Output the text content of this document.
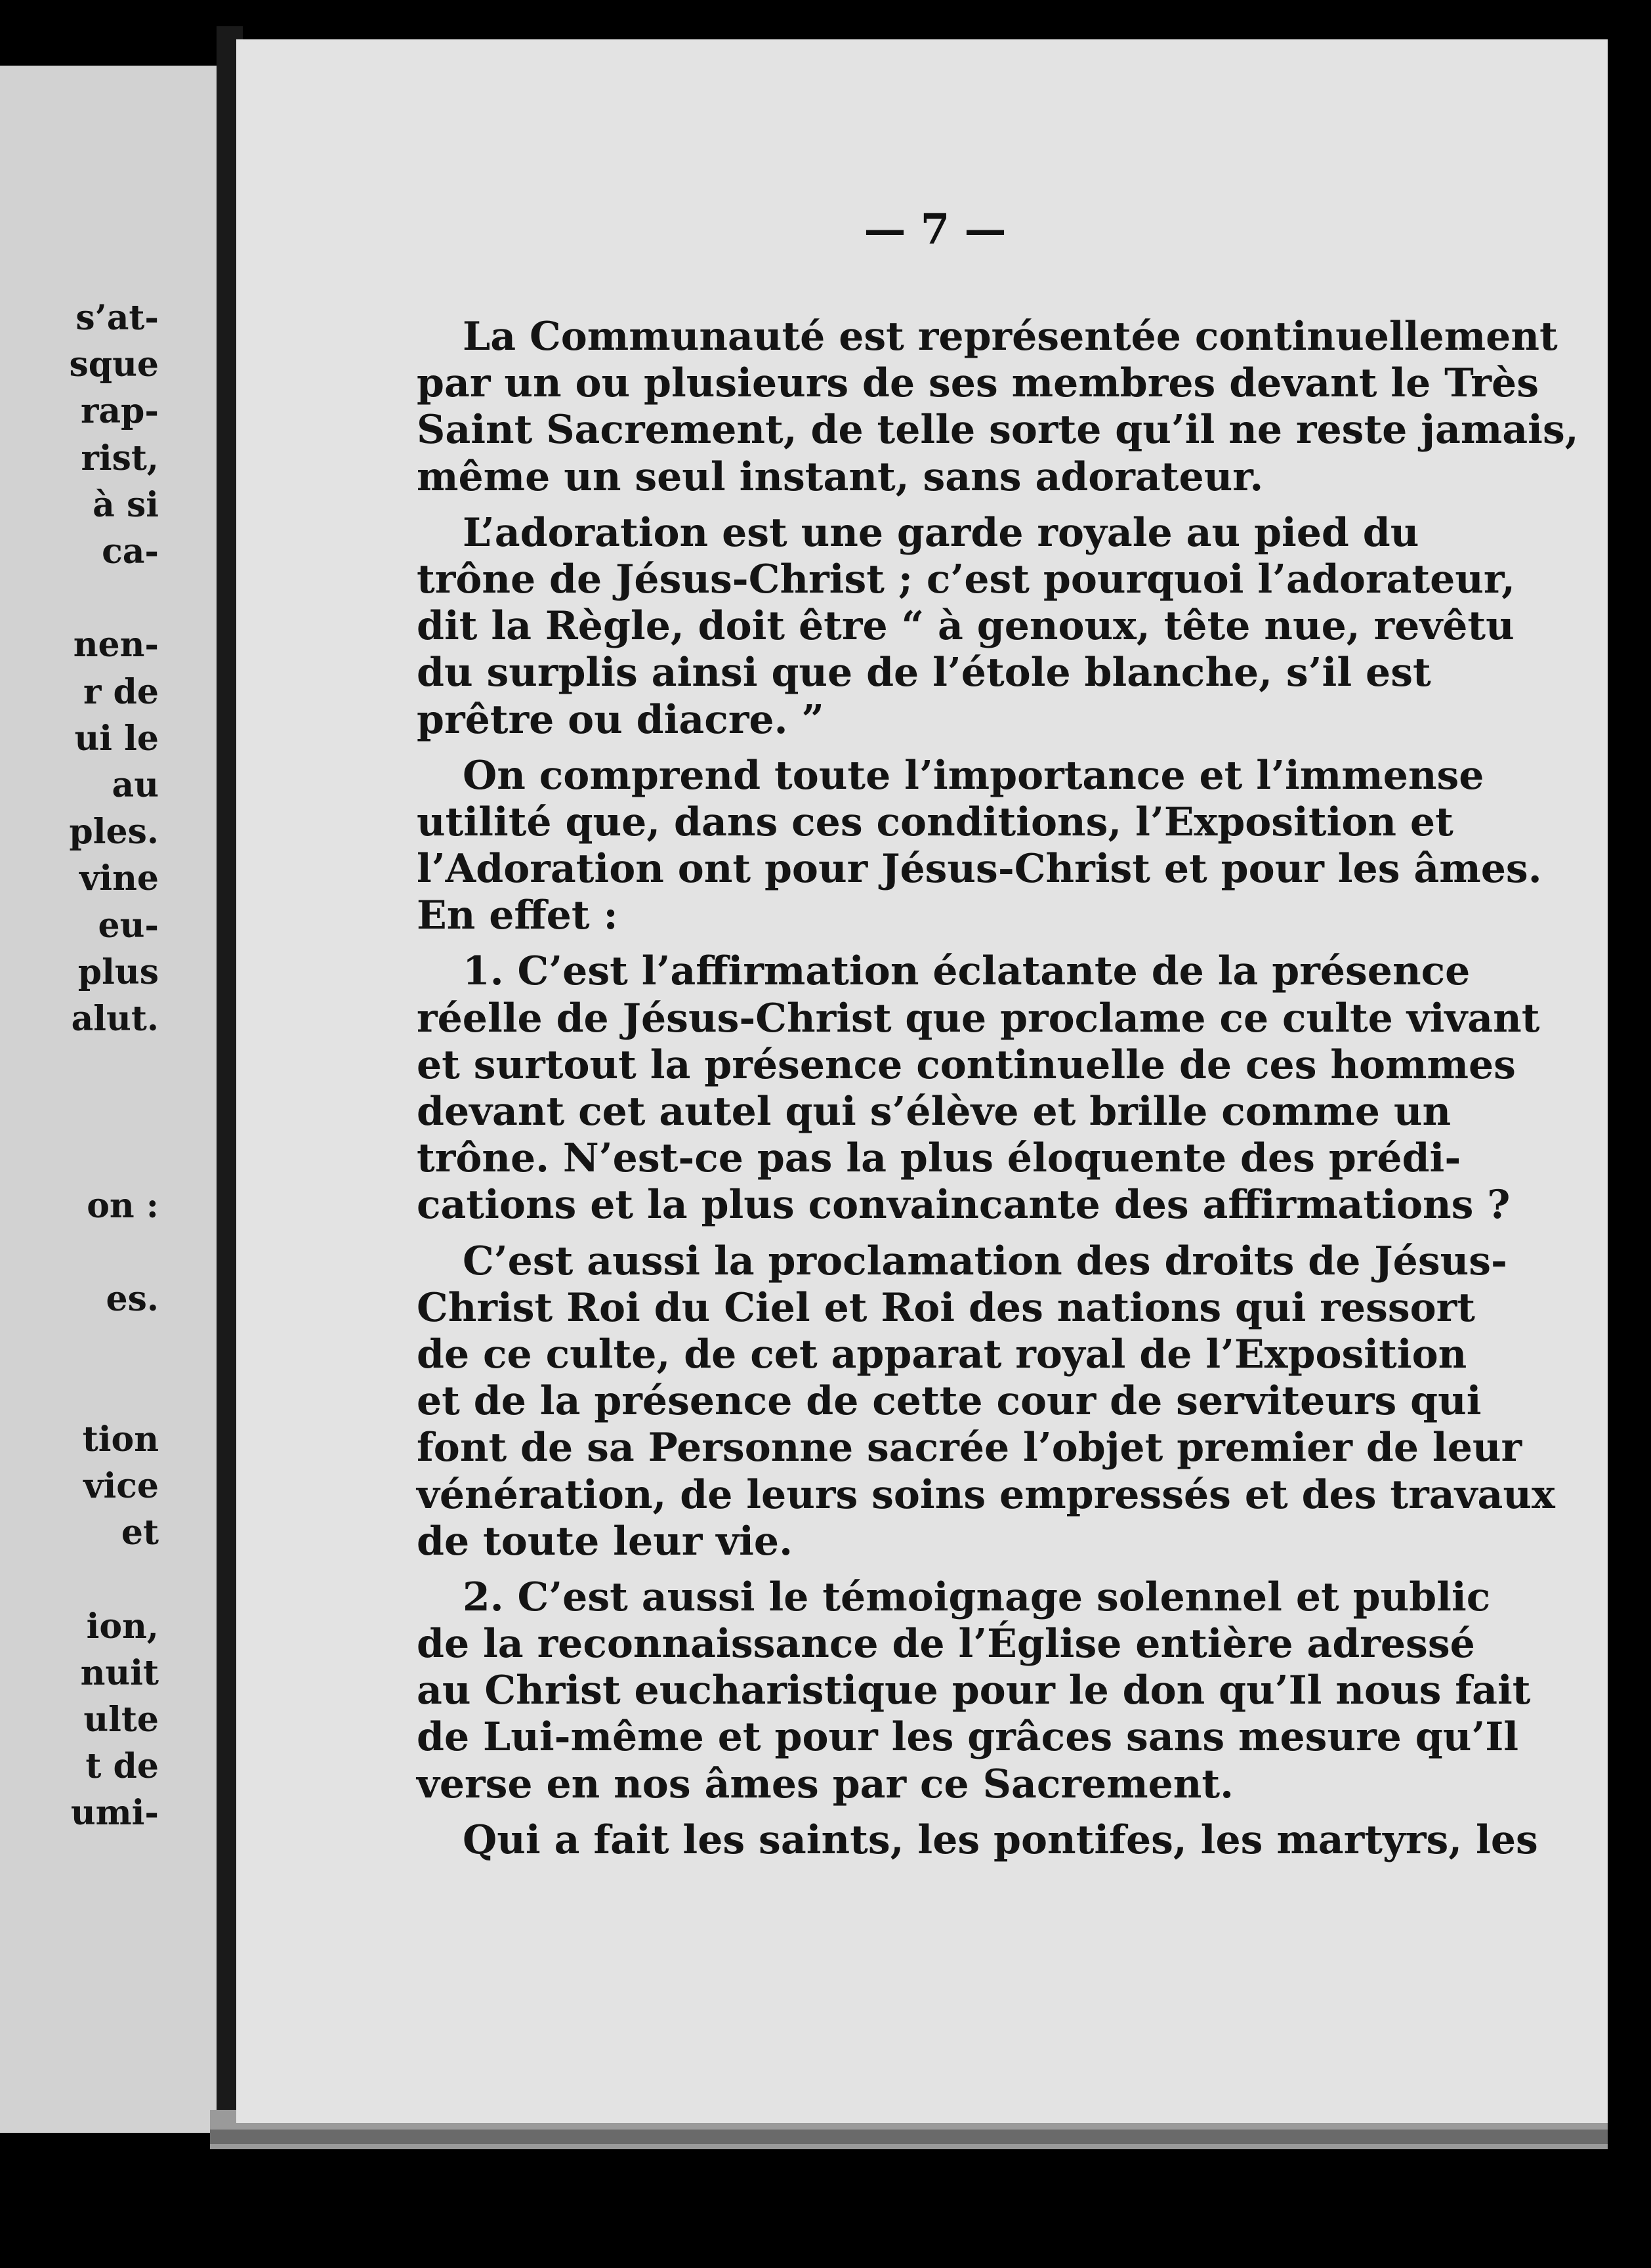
s’at-
sque
rap-
rist,
à si
ca-
nen-
r de
ui le
au
ples.
vine
eu-
plus
alut.
on :
es.
tion
vice
et
ion,
nuit
ulte
t de
umi-
— 7 —
La Communauté est représentée continuellement
par un ou plusieurs de ses membres devant le Très
Saint Sacrement, de telle sorte qu’il ne reste jamais,
même un seul instant, sans adorateur.
L’adoration est une garde royale au pied du
trône de Jésus-Christ ; c’est pourquoi l’adorateur,
dit la Règle, doit être “ à genoux, tête nue, revêtu
du surplis ainsi que de l’étole blanche, s’il est
prêtre ou diacre. ”
On comprend toute l’importance et l’immense
utilité que, dans ces conditions, l’Exposition et
l’Adoration ont pour Jésus-Christ et pour les âmes.
En effet :
1. C’est l’affirmation éclatante de la présence
réelle de Jésus-Christ que proclame ce culte vivant
et surtout la présence continuelle de ces hommes
devant cet autel qui s’élève et brille comme un
trône. N’est-ce pas la plus éloquente des prédi-
cations et la plus convaincante des affirmations ?
C’est aussi la proclamation des droits de Jésus-
Christ Roi du Ciel et Roi des nations qui ressort
de ce culte, de cet apparat royal de l’Exposition
et de la présence de cette cour de serviteurs qui
font de sa Personne sacrée l’objet premier de leur
vénération, de leurs soins empressés et des travaux
de toute leur vie.
2. C’est aussi le témoignage solennel et public
de la reconnaissance de l’Église entière adressé
au Christ eucharistique pour le don qu’Il nous fait
de Lui-même et pour les grâces sans mesure qu’Il
verse en nos âmes par ce Sacrement.
Qui a fait les saints, les pontifes, les martyrs, les
